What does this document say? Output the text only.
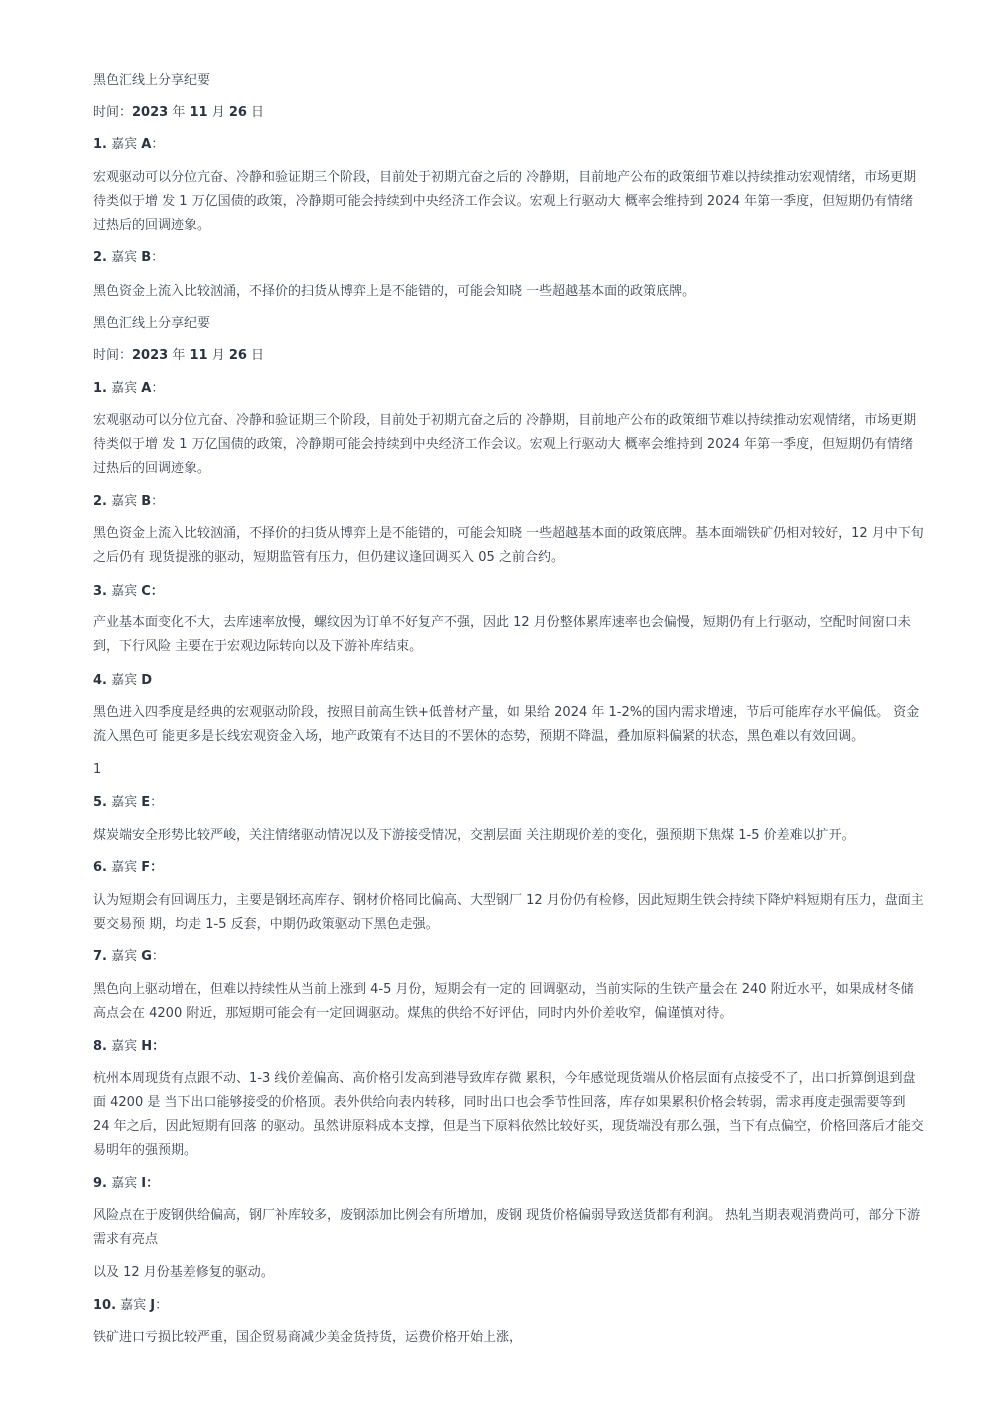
黑色汇线上分享纪要
时间：2023 年 11 月 26 日
1. 嘉宾 A：
宏观驱动可以分位亢奋、冷静和验证期三个阶段，目前处于初期亢奋之后的 冷静期，目前地产公布的政策细节难以持续推动宏观情绪，市场更期
待类似于增 发 1 万亿国债的政策，冷静期可能会持续到中央经济工作会议。宏观上行驱动大 概率会维持到 2024 年第一季度，但短期仍有情绪
过热后的回调迹象。
2. 嘉宾 B：
黑色资金上流入比较汹涌，不择价的扫货从博弈上是不能错的，可能会知晓 一些超越基本面的政策底牌。
黑色汇线上分享纪要
时间：2023 年 11 月 26 日
1. 嘉宾 A：
宏观驱动可以分位亢奋、冷静和验证期三个阶段，目前处于初期亢奋之后的 冷静期，目前地产公布的政策细节难以持续推动宏观情绪，市场更期
待类似于增 发 1 万亿国债的政策，冷静期可能会持续到中央经济工作会议。宏观上行驱动大 概率会维持到 2024 年第一季度，但短期仍有情绪
过热后的回调迹象。
2. 嘉宾 B：
黑色资金上流入比较汹涌，不择价的扫货从博弈上是不能错的，可能会知晓 一些超越基本面的政策底牌。基本面端铁矿仍相对较好，12 月中下旬
之后仍有 现货提涨的驱动，短期监管有压力，但仍建议逢回调买入 05 之前合约。
3. 嘉宾 C：
产业基本面变化不大，去库速率放慢，螺纹因为订单不好复产不强，因此 12 月份整体累库速率也会偏慢，短期仍有上行驱动，空配时间窗口未
到，下行风险 主要在于宏观边际转向以及下游补库结束。
4. 嘉宾 D
黑色进入四季度是经典的宏观驱动阶段，按照目前高生铁+低普材产量，如 果给 2024 年 1-2%的国内需求增速，节后可能库存水平偏低。 资金
流入黑色可 能更多是长线宏观资金入场，地产政策有不达目的不罢休的态势，预期不降温，叠加原料偏紧的状态，黑色难以有效回调。
1
5. 嘉宾 E：
煤炭端安全形势比较严峻，关注情绪驱动情况以及下游接受情况，交割层面 关注期现价差的变化，强预期下焦煤 1-5 价差难以扩开。
6. 嘉宾 F：
认为短期会有回调压力，主要是钢坯高库存、钢材价格同比偏高、大型钢厂 12 月份仍有检修，因此短期生铁会持续下降炉料短期有压力，盘面主
要交易预 期，均走 1-5 反套，中期仍政策驱动下黑色走强。
7. 嘉宾 G：
黑色向上驱动增在，但难以持续性从当前上涨到 4-5 月份，短期会有一定的 回调驱动，当前实际的生铁产量会在 240 附近水平，如果成材冬储
高点会在 4200 附近，那短期可能会有一定回调驱动。煤焦的供给不好评估，同时内外价差收窄，偏谨慎对待。
8. 嘉宾 H：
杭州本周现货有点跟不动、1-3 线价差偏高、高价格引发高到港导致库存微 累积，今年感觉现货端从价格层面有点接受不了，出口折算倒退到盘
面 4200 是 当下出口能够接受的价格顶。表外供给向表内转移，同时出口也会季节性回落，库存如果累积价格会转弱，需求再度走强需要等到
24 年之后，因此短期有回落 的驱动。虽然讲原料成本支撑，但是当下原料依然比较好买，现货端没有那么强，当下有点偏空，价格回落后才能交
易明年的强预期。
9. 嘉宾 I：
风险点在于废钢供给偏高，钢厂补库较多，废钢添加比例会有所增加，废钢 现货价格偏弱导致送货都有利润。 热轧当期表观消费尚可，部分下游
需求有亮点
以及 12 月份基差修复的驱动。
10. 嘉宾 J：
铁矿进口亏损比较严重，国企贸易商减少美金货持货，运费价格开始上涨，
